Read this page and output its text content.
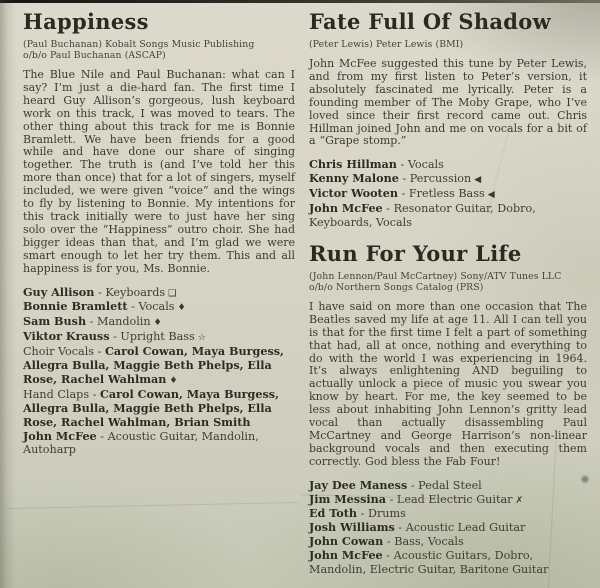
Happiness

(Paul Buchanan) Kobalt Songs Music Publishing

o/b/o Paul Buchanan (ASCAP)

The Blue Nile and Paul Buchanan: what can I say? I’m just a die-hard fan. The first time I heard Guy Allison’s gorgeous, lush keyboard work on this track, I was moved to tears. The other thing about this track for me is Bonnie Bramlett. We have been friends for a good while and have done our share of singing together. The truth is (and I’ve told her this more than once) that for a lot of singers, myself included, we were given “voice” and the wings to fly by listening to Bonnie. My intentions for this track initially were to just have her sing solo over the “Happiness” outro choir. She had bigger ideas than that, and I’m glad we were smart enough to let her try them. This and all happiness is for you, Ms. Bonnie.

Guy Allison - Keyboards ❑
Bonnie Bramlett - Vocals ♦
Sam Bush - Mandolin ♦
Viktor Krauss - Upright Bass ☆
Choir Vocals - Carol Cowan, Maya Burgess, Allegra Bulla, Maggie Beth Phelps, Ella Rose, Rachel Wahlman ♦
Hand Claps - Carol Cowan, Maya Burgess, Allegra Bulla, Maggie Beth Phelps, Ella Rose, Rachel Wahlman, Brian Smith
John McFee - Acoustic Guitar, Mandolin, Autoharp
Fate Full Of Shadow

(Peter Lewis) Peter Lewis (BMI)

John McFee suggested this tune by Peter Lewis, and from my first listen to Peter’s version, it absolutely fascinated me lyrically. Peter is a founding member of The Moby Grape, who I’ve loved since their first record came out. Chris Hillman joined John and me on vocals for a bit of a “Grape stomp.”

Chris Hillman - Vocals
Kenny Malone - Percussion ◀
Victor Wooten - Fretless Bass ◀
John McFee - Resonator Guitar, Dobro, Keyboards, Vocals
Run For Your Life

(John Lennon/Paul McCartney) Sony/ATV Tunes LLC

o/b/o Northern Songs Catalog (PRS)

I have said on more than one occasion that The Beatles saved my life at age 11. All I can tell you is that for the first time I felt a part of something that had, all at once, nothing and everything to do with the world I was experiencing in 1964. It’s always enlightening AND beguiling to actually unlock a piece of music you swear you know by heart. For me, the key seemed to be less about inhabiting John Lennon’s gritty lead vocal than actually disassembling Paul McCartney and George Harrison’s non-linear background vocals and then executing them correctly. God bless the Fab Four!

Jay Dee Maness - Pedal Steel
Jim Messina - Lead Electric Guitar ✗
Ed Toth - Drums
Josh Williams - Acoustic Lead Guitar
John Cowan - Bass, Vocals
John McFee - Acoustic Guitars, Dobro, Mandolin, Electric Guitar, Baritone Guitar
